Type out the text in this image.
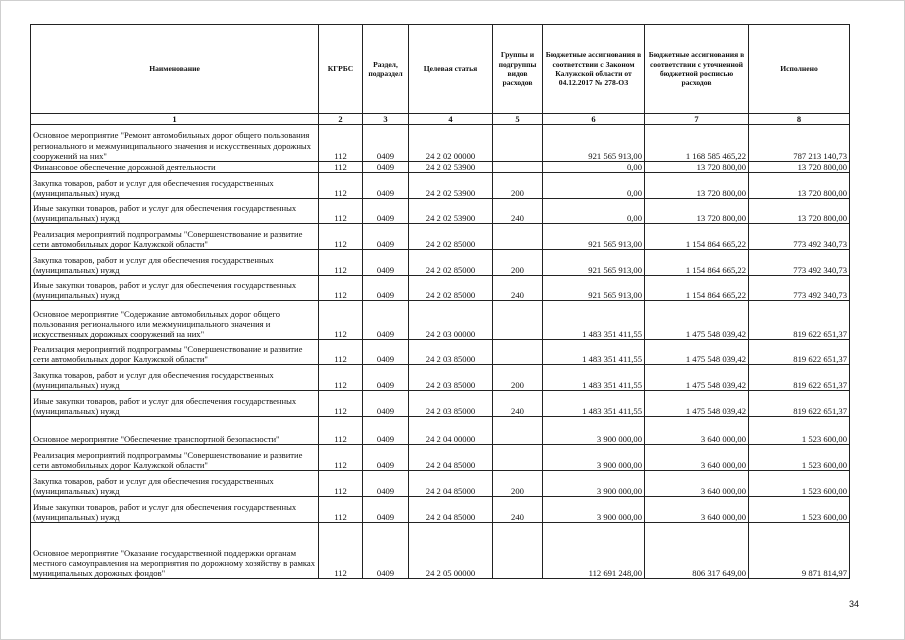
Наименование	КГРБС	Раздел, подраздел	Целевая статья	Группы и подгруппы видов расходов	Бюджетные ассигнования в соответствии с Законом Калужской области от 04.12.2017 № 278-ОЗ	Бюджетные ассигнования в соответствии с уточненной бюджетной росписью расходов	Исполнено
1	2	3	4	5	6	7	8
Основное мероприятие "Ремонт автомобильных дорог общего пользования регионального и межмуниципального значения и искусственных дорожных сооружений на них"	112	0409	24 2 02 00000		921 565 913,00	1 168 585 465,22	787 213 140,73
Финансовое обеспечение дорожной деятельности	112	0409	24 2 02 53900		0,00	13 720 800,00	13 720 800,00
Закупка товаров, работ и услуг для обеспечения государственных (муниципальных) нужд	112	0409	24 2 02 53900	200	0,00	13 720 800,00	13 720 800,00
Иные закупки товаров, работ и услуг для обеспечения государственных (муниципальных) нужд	112	0409	24 2 02 53900	240	0,00	13 720 800,00	13 720 800,00
Реализация мероприятий подпрограммы "Совершенствование и развитие сети автомобильных дорог Калужской области"	112	0409	24 2 02 85000		921 565 913,00	1 154 864 665,22	773 492 340,73
Закупка товаров, работ и услуг для обеспечения государственных (муниципальных) нужд	112	0409	24 2 02 85000	200	921 565 913,00	1 154 864 665,22	773 492 340,73
Иные закупки товаров, работ и услуг для обеспечения государственных (муниципальных) нужд	112	0409	24 2 02 85000	240	921 565 913,00	1 154 864 665,22	773 492 340,73
Основное мероприятие "Содержание автомобильных дорог общего пользования регионального или межмуниципального значения и искусственных дорожных сооружений на них"	112	0409	24 2 03 00000		1 483 351 411,55	1 475 548 039,42	819 622 651,37
Реализация мероприятий подпрограммы "Совершенствование и развитие сети автомобильных дорог Калужской области"	112	0409	24 2 03 85000		1 483 351 411,55	1 475 548 039,42	819 622 651,37
Закупка товаров, работ и услуг для обеспечения государственных (муниципальных) нужд	112	0409	24 2 03 85000	200	1 483 351 411,55	1 475 548 039,42	819 622 651,37
Иные закупки товаров, работ и услуг для обеспечения государственных (муниципальных) нужд	112	0409	24 2 03 85000	240	1 483 351 411,55	1 475 548 039,42	819 622 651,37
Основное мероприятие "Обеспечение транспортной безопасности"	112	0409	24 2 04 00000		3 900 000,00	3 640 000,00	1 523 600,00
Реализация мероприятий подпрограммы "Совершенствование и развитие сети автомобильных дорог Калужской области"	112	0409	24 2 04 85000		3 900 000,00	3 640 000,00	1 523 600,00
Закупка товаров, работ и услуг для обеспечения государственных (муниципальных) нужд	112	0409	24 2 04 85000	200	3 900 000,00	3 640 000,00	1 523 600,00
Иные закупки товаров, работ и услуг для обеспечения государственных (муниципальных) нужд	112	0409	24 2 04 85000	240	3 900 000,00	3 640 000,00	1 523 600,00
Основное мероприятие "Оказание государственной поддержки органам местного самоуправления на мероприятия по дорожному хозяйству в рамках муниципальных дорожных фондов"	112	0409	24 2 05 00000		112 691 248,00	806 317 649,00	9 871 814,97
34
